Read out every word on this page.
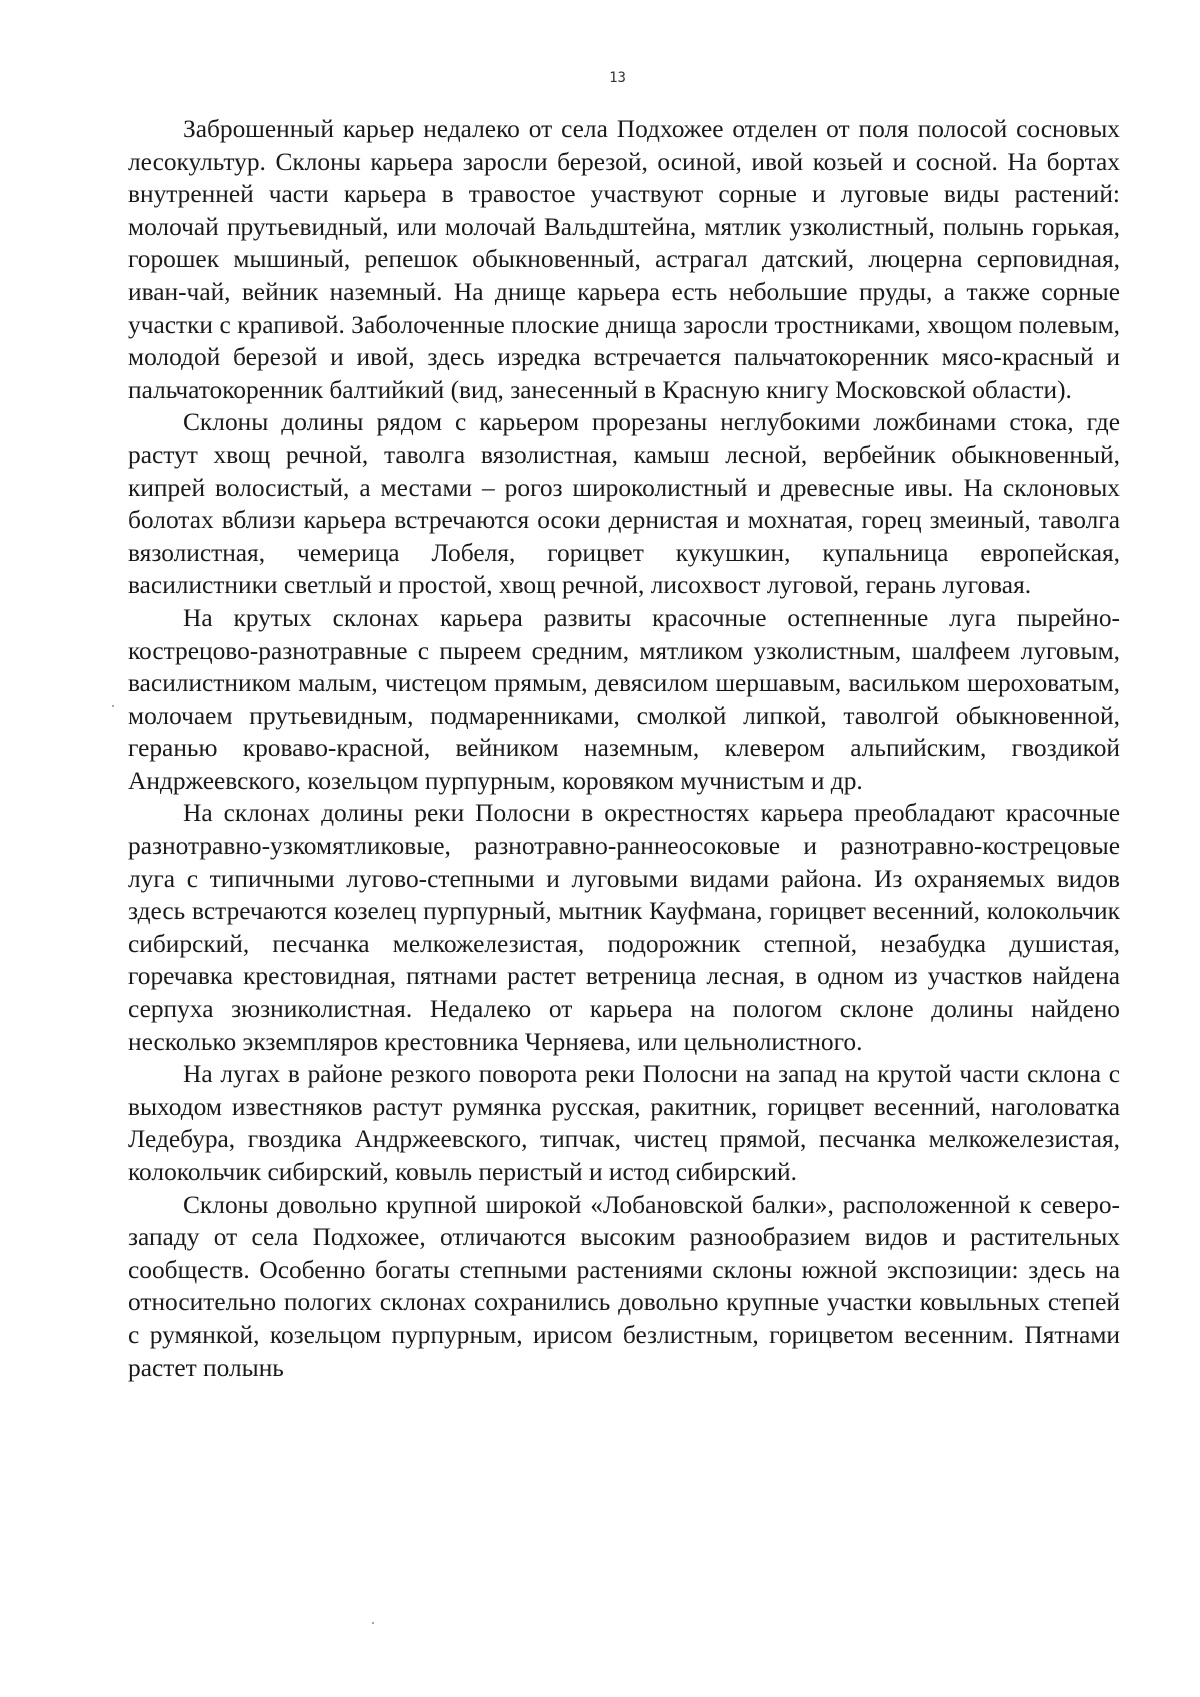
13

Заброшенный карьер недалеко от села Подхожее отделен от поля полосой сосновых лесокультур. Склоны карьера заросли березой, осиной, ивой козьей и сосной. На бортах внутренней части карьера в травостое участвуют сорные и луговые виды растений: молочай прутьевидный, или молочай Вальдштейна, мятлик узколистный, полынь горькая, горошек мышиный, репешок обыкновенный, астрагал датский, люцерна серповидная, иван-чай, вейник наземный. На днище карьера есть небольшие пруды, а также сорные участки с крапивой. Заболоченные плоские днища заросли тростниками, хвощом полевым, молодой березой и ивой, здесь изредка встречается пальчатокоренник мясо-красный и пальчатокоренник балтийкий (вид, занесенный в Красную книгу Московской области).

Склоны долины рядом с карьером прорезаны неглубокими ложбинами стока, где растут хвощ речной, таволга вязолистная, камыш лесной, вербейник обыкновенный, кипрей волосистый, а местами – рогоз широколистный и древесные ивы. На склоновых болотах вблизи карьера встречаются осоки дернистая и мохнатая, горец змеиный, таволга вязолистная, чемерица Лобеля, горицвет кукушкин, купальница европейская, василистники светлый и простой, хвощ речной, лисохвост луговой, герань луговая.

На крутых склонах карьера развиты красочные остепненные луга пырейно-кострецово-разнотравные с пыреем средним, мятликом узколистным, шалфеем луговым, василистником малым, чистецом прямым, девясилом шершавым, васильком шероховатым, молочаем прутьевидным, подмаренниками, смолкой липкой, таволгой обыкновенной, геранью кроваво-красной, вейником наземным, клевером альпийским, гвоздикой Андржеевского, козельцом пурпурным, коровяком мучнистым и др.

На склонах долины реки Полосни в окрестностях карьера преобладают красочные разнотравно-узкомятликовые, разнотравно-раннеосоковые и разнотравно-кострецовые луга с типичными лугово-степными и луговыми видами района. Из охраняемых видов здесь встречаются козелец пурпурный, мытник Кауфмана, горицвет весенний, колокольчик сибирский, песчанка мелкожелезистая, подорожник степной, незабудка душистая, горечавка крестовидная, пятнами растет ветреница лесная, в одном из участков найдена серпуха зюзниколистная. Недалеко от карьера на пологом склоне долины найдено несколько экземпляров крестовника Черняева, или цельнолистного.

На лугах в районе резкого поворота реки Полосни на запад на крутой части склона с выходом известняков растут румянка русская, ракитник, горицвет весенний, наголоватка Ледебура, гвоздика Андржеевского, типчак, чистец прямой, песчанка мелкожелезистая, колокольчик сибирский, ковыль перистый и истод сибирский.

Склоны довольно крупной широкой «Лобановской балки», расположенной к северо-западу от села Подхожее, отличаются высоким разнообразием видов и растительных сообществ. Особенно богаты степными растениями склоны южной экспозиции: здесь на относительно пологих склонах сохранились довольно крупные участки ковыльных степей с румянкой, козельцом пурпурным, ирисом безлистным, горицветом весенним. Пятнами растет полынь
